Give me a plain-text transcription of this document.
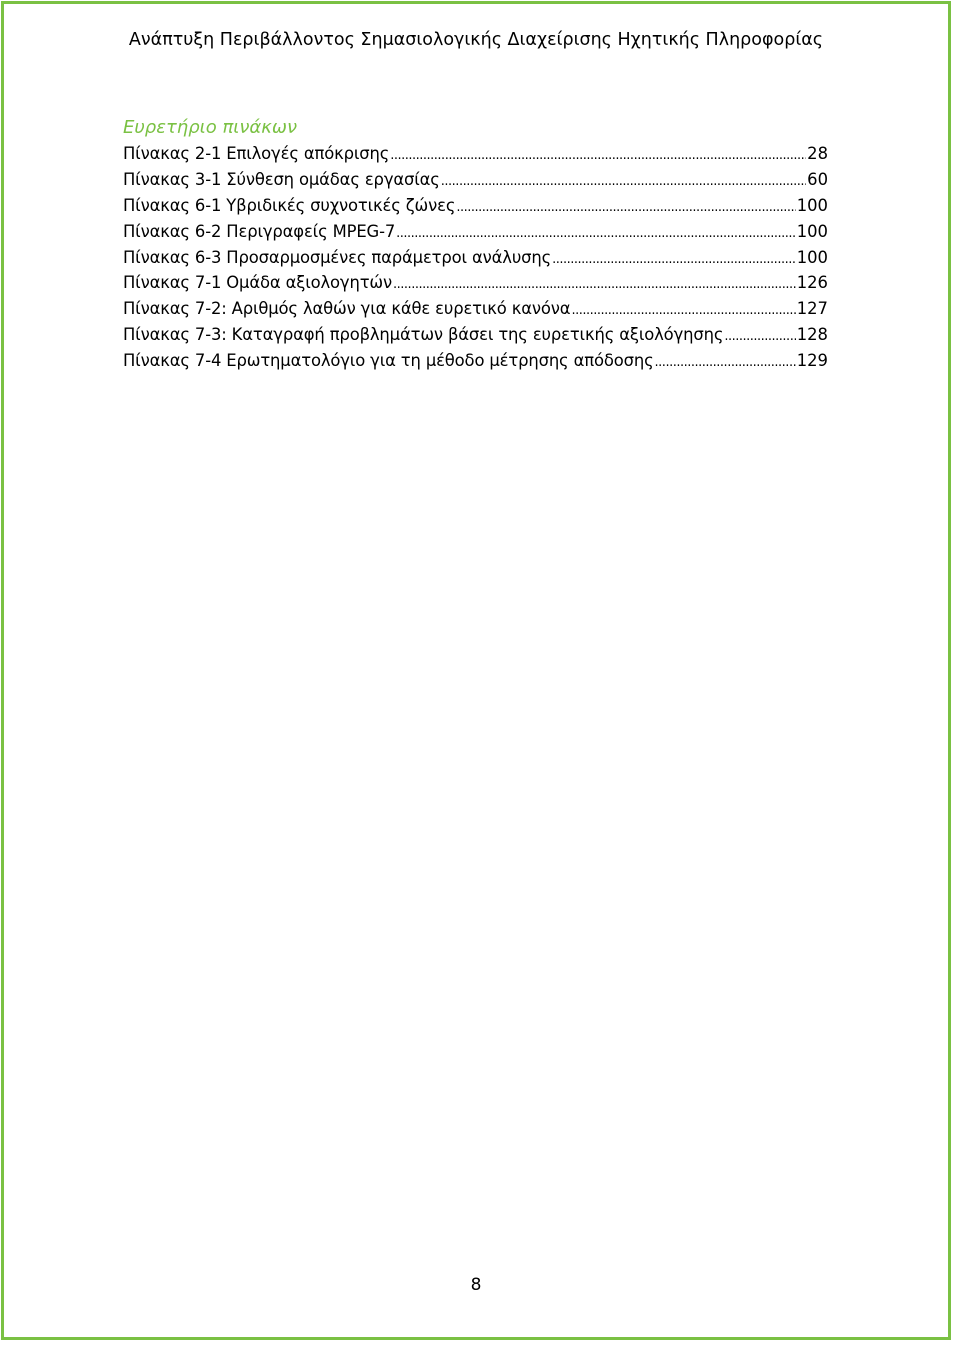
Ανάπτυξη Περιβάλλοντος Σημασιολογικής Διαχείρισης Ηχητικής Πληροφορίας
Ευρετήριο πινάκων
Πίνακας 2-1 Επιλογές απόκρισης .....	28
Πίνακας 3-1 Σύνθεση ομάδας εργασίας .....	60
Πίνακας 6-1 Υβριδικές συχνοτικές ζώνες .....	100
Πίνακας 6-2 Περιγραφείς MPEG-7 .....	100
Πίνακας 6-3 Προσαρμοσμένες παράμετροι ανάλυσης .....	100
Πίνακας 7-1 Ομάδα αξιολογητών .....	126
Πίνακας 7-2: Αριθμός λαθών για κάθε ευρετικό κανόνα .....	127
Πίνακας 7-3: Καταγραφή προβλημάτων βάσει της ευρετικής αξιολόγησης .....	128
Πίνακας 7-4 Ερωτηματολόγιο για τη μέθοδο μέτρησης απόδοσης .....	129
8
